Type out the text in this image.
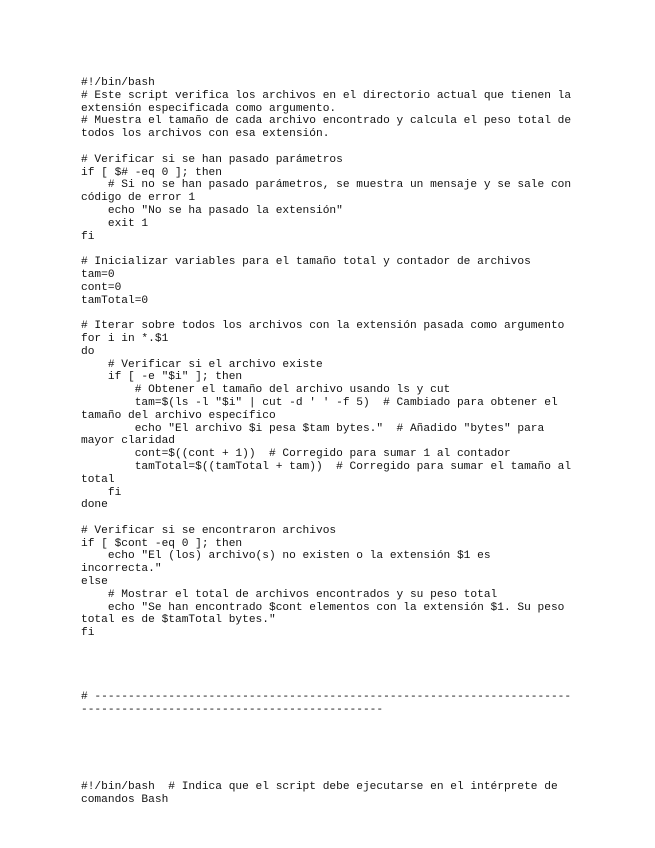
#!/bin/bash
# Este script verifica los archivos en el directorio actual que tienen la
extensión especificada como argumento.
# Muestra el tamaño de cada archivo encontrado y calcula el peso total de
todos los archivos con esa extensión.
# Verificar si se han pasado parámetros
if [ $# -eq 0 ]; then
# Si no se han pasado parámetros, se muestra un mensaje y se sale con
código de error 1
echo "No se ha pasado la extensión"
exit 1
fi
# Inicializar variables para el tamaño total y contador de archivos
tam=0
cont=0
tamTotal=0
# Iterar sobre todos los archivos con la extensión pasada como argumento
for i in *.$1
do
# Verificar si el archivo existe
if [ -e "$i" ]; then
# Obtener el tamaño del archivo usando ls y cut
tam=$(ls -l "$i" | cut -d ' ' -f 5)  # Cambiado para obtener el
tamaño del archivo específico
echo "El archivo $i pesa $tam bytes."  # Añadido "bytes" para
mayor claridad
cont=$((cont + 1))  # Corregido para sumar 1 al contador
tamTotal=$((tamTotal + tam))  # Corregido para sumar el tamaño al
total
fi
done
# Verificar si se encontraron archivos
if [ $cont -eq 0 ]; then
echo "El (los) archivo(s) no existen o la extensión $1 es
incorrecta."
else
# Mostrar el total de archivos encontrados y su peso total
echo "Se han encontrado $cont elementos con la extensión $1. Su peso
total es de $tamTotal bytes."
fi
# -----------------------------------------------------------------------
---------------------------------------------
#!/bin/bash  # Indica que el script debe ejecutarse en el intérprete de
comandos Bash
